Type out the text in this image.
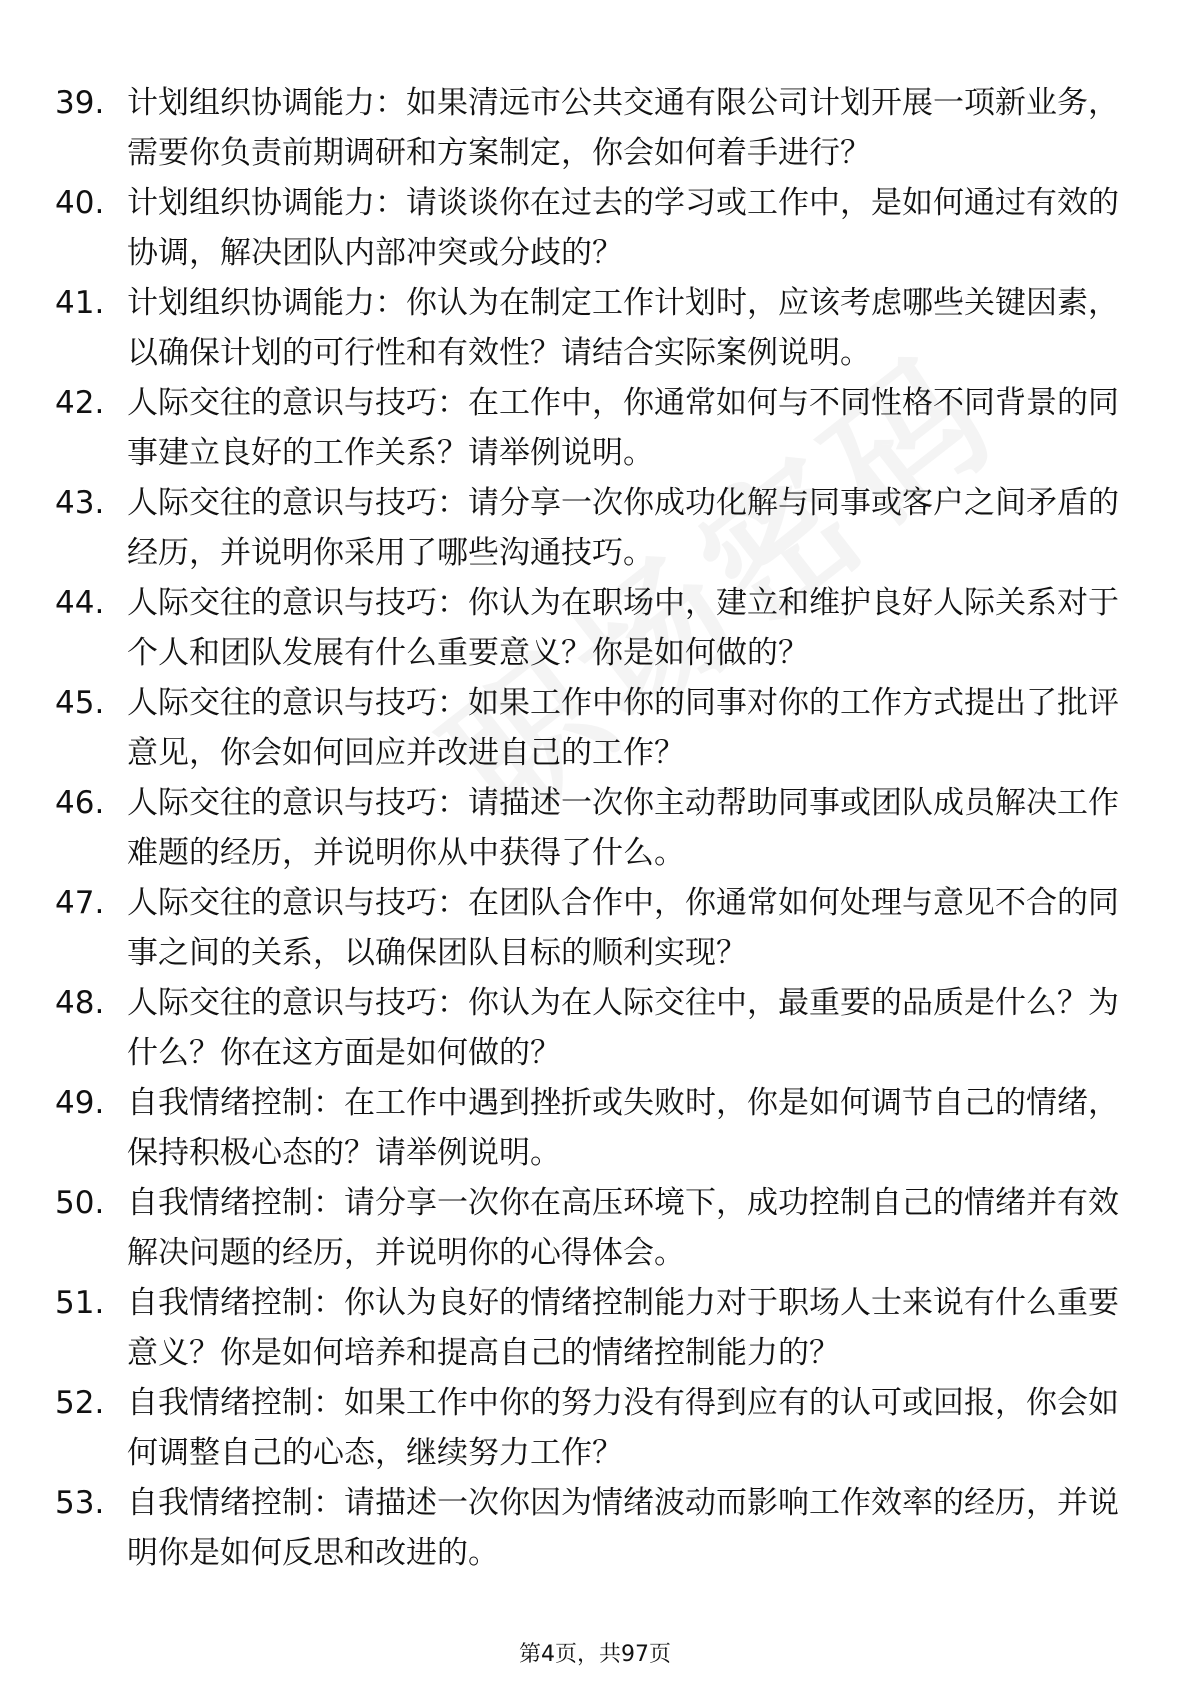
39. 计划组织协调能力：如果清远市公共交通有限公司计划开展一项新业务，需要你负责前期调研和方案制定，你会如何着手进行？
40. 计划组织协调能力：请谈谈你在过去的学习或工作中，是如何通过有效的协调，解决团队内部冲突或分歧的？
41. 计划组织协调能力：你认为在制定工作计划时，应该考虑哪些关键因素，以确保计划的可行性和有效性？请结合实际案例说明。
42. 人际交往的意识与技巧：在工作中，你通常如何与不同性格不同背景的同事建立良好的工作关系？请举例说明。
43. 人际交往的意识与技巧：请分享一次你成功化解与同事或客户之间矛盾的经历，并说明你采用了哪些沟通技巧。
44. 人际交往的意识与技巧：你认为在职场中，建立和维护良好人际关系对于个人和团队发展有什么重要意义？你是如何做的？
45. 人际交往的意识与技巧：如果工作中你的同事对你的工作方式提出了批评意见，你会如何回应并改进自己的工作？
46. 人际交往的意识与技巧：请描述一次你主动帮助同事或团队成员解决工作难题的经历，并说明你从中获得了什么。
47. 人际交往的意识与技巧：在团队合作中，你通常如何处理与意见不合的同事之间的关系，以确保团队目标的顺利实现？
48. 人际交往的意识与技巧：你认为在人际交往中，最重要的品质是什么？为什么？你在这方面是如何做的？
49. 自我情绪控制：在工作中遇到挫折或失败时，你是如何调节自己的情绪，保持积极心态的？请举例说明。
50. 自我情绪控制：请分享一次你在高压环境下，成功控制自己的情绪并有效解决问题的经历，并说明你的心得体会。
51. 自我情绪控制：你认为良好的情绪控制能力对于职场人士来说有什么重要意义？你是如何培养和提高自己的情绪控制能力的？
52. 自我情绪控制：如果工作中你的努力没有得到应有的认可或回报，你会如何调整自己的心态，继续努力工作？
53. 自我情绪控制：请描述一次你因为情绪波动而影响工作效率的经历，并说明你是如何反思和改进的。
第4页，共97页
